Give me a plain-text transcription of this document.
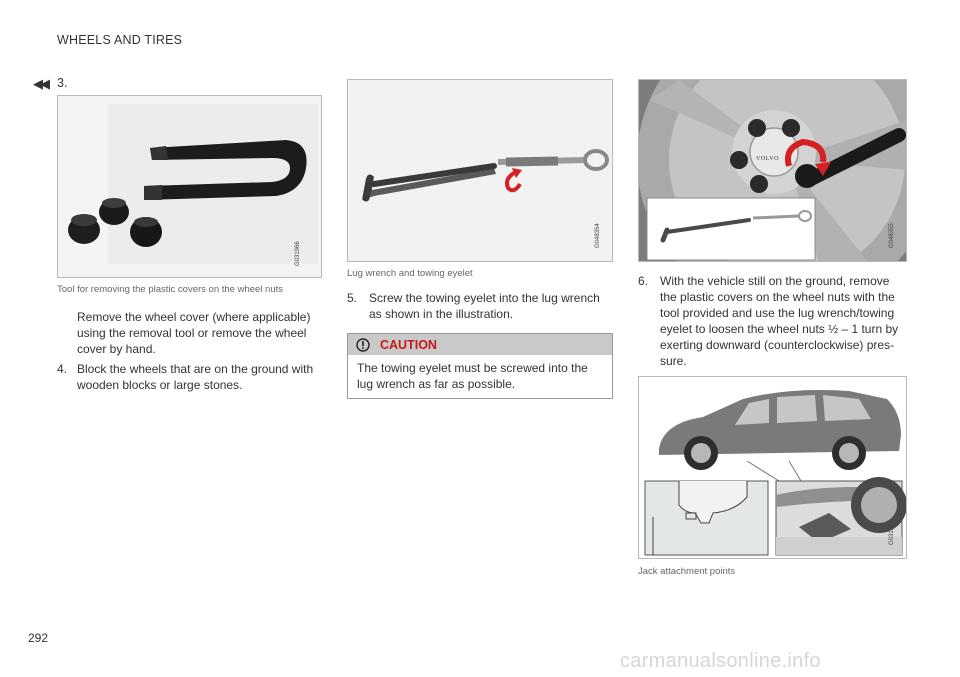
WHEELS AND TIRES
◀◀ 3.
G031966
Tool for removing the plastic covers on the wheel nuts
Remove the wheel cover (where applicable)
using the removal tool or remove the wheel
cover by hand.
4. Block the wheels that are on the ground with
wooden blocks or large stones.
G048354
Lug wrench and towing eyelet
5. Screw the towing eyelet into the lug wrench
as shown in the illustration.
CAUTION
The towing eyelet must be screwed into the
lug wrench as far as possible.
VOLVO
G048355
6. With the vehicle still on the ground, remove
the plastic covers on the wheel nuts with the
tool provided and use the lug wrench/towing
eyelet to loosen the wheel nuts ½ – 1 turn by
exerting downward (counterclockwise) pres-
sure.
G031961
Jack attachment points
292
carmanualsonline.info
